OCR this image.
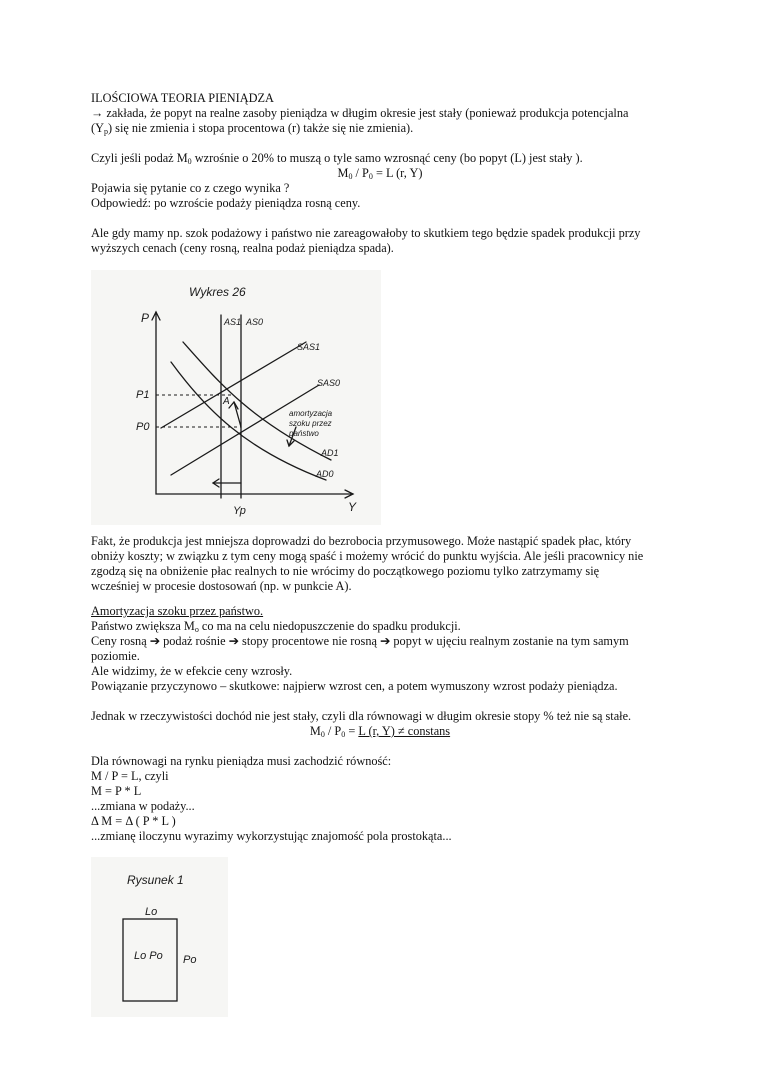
ILOŚCIOWA TEORIA PIENIĄDZA
→ zakłada, że popyt na realne zasoby pieniądza w długim okresie jest stały (ponieważ produkcja potencjalna
$(Y_p)$ się nie zmienia i stopa procentowa (r) także się nie zmienia).
Czyli jeśli podaż $M_0$ wzrośnie o 20% to muszą o tyle samo wzrosnąć ceny (bo popyt (L) jest stały ).
$M_0 / P_0 = L$ (r, Y)
Pojawia się pytanie co z czego wynika ?
Odpowiedź: po wzroście podaży pieniądza rosną ceny.
Ale gdy mamy np. szok podażowy i państwo nie zareagowałoby to skutkiem tego będzie spadek produkcji przy
wyższych cenach (ceny rosną, realna podaż pieniądza spada).
Wykres 26
P
Y
Yp
P1
P0
AS1 AS0
SAS1
SAS0
AD1
AD0
A
amortyzacja
szoku przez
państwo
Fakt, że produkcja jest mniejsza doprowadzi do bezrobocia przymusowego. Może nastąpić spadek płac, który
obniży koszty; w związku z tym ceny mogą spaść i możemy wrócić do punktu wyjścia. Ale jeśli pracownicy nie
zgodzą się na obniżenie płac realnych to nie wrócimy do początkowego poziomu tylko zatrzymamy się
wcześniej w procesie dostosowań (np. w punkcie A).
Amortyzacja szoku przez państwo.
Państwo zwiększa $M_o$ co ma na celu niedopuszczenie do spadku produkcji.
Ceny rosną ➔ podaż rośnie ➔ stopy procentowe nie rosną ➔ popyt w ujęciu realnym zostanie na tym samym
poziomie.
Ale widzimy, że w efekcie ceny wzrosły.
Powiązanie przyczynowo – skutkowe: najpierw wzrost cen, a potem wymuszony wzrost podaży pieniądza.
Jednak w rzeczywistości dochód nie jest stały, czyli dla równowagi w długim okresie stopy % też nie są stałe.
$M_0 / P_0 = L$ (r, Y) ≠ constans
Dla równowagi na rynku pieniądza musi zachodzić równość:
M / P = L, czyli
M = P * L
...zmiana w podaży...
Δ M = Δ ( P * L )
...zmianę iloczynu wyrazimy wykorzystując znajomość pola prostokąta...
Rysunek 1
Lo
Lo Po Po
